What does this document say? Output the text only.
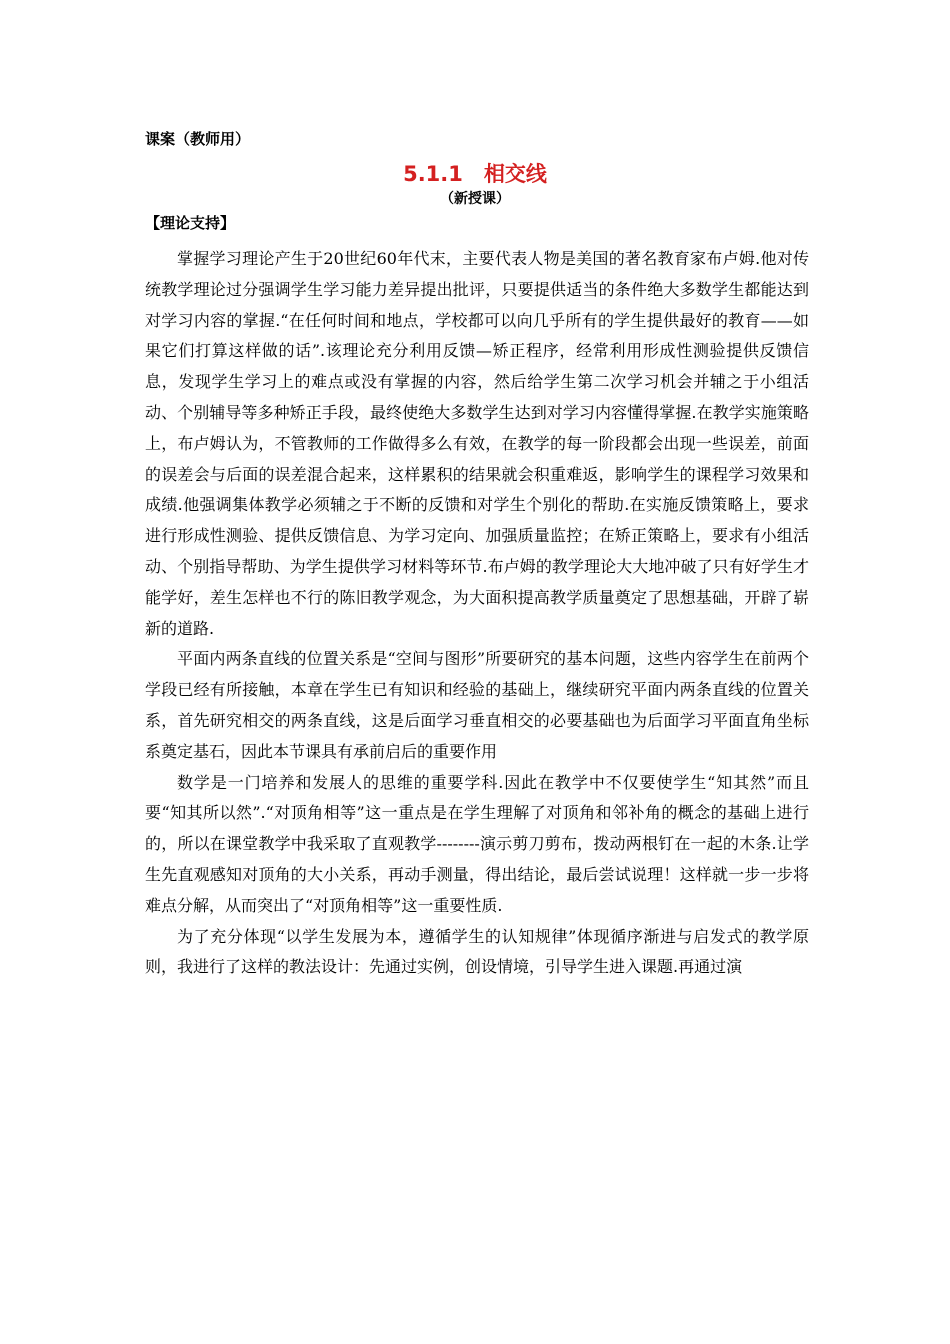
课案（教师用）
5.1.1　相交线
（新授课）
【理论支持】

掌握学习理论产生于20世纪60年代末，主要代表人物是美国的著名教育家布卢姆.他对传统教学理论过分强调学生学习能力差异提出批评，只要提供适当的条件绝大多数学生都能达到对学习内容的掌握.“在任何时间和地点，学校都可以向几乎所有的学生提供最好的教育——如果它们打算这样做的话”.该理论充分利用反馈—矫正程序，经常利用形成性测验提供反馈信息，发现学生学习上的难点或没有掌握的内容，然后给学生第二次学习机会并辅之于小组活动、个别辅导等多种矫正手段，最终使绝大多数学生达到对学习内容懂得掌握.在教学实施策略上，布卢姆认为，不管教师的工作做得多么有效，在教学的每一阶段都会出现一些误差，前面的误差会与后面的误差混合起来，这样累积的结果就会积重难返，影响学生的课程学习效果和成绩.他强调集体教学必须辅之于不断的反馈和对学生个别化的帮助.在实施反馈策略上，要求进行形成性测验、提供反馈信息、为学习定向、加强质量监控；在矫正策略上，要求有小组活动、个别指导帮助、为学生提供学习材料等环节.布卢姆的教学理论大大地冲破了只有好学生才能学好，差生怎样也不行的陈旧教学观念，为大面积提高教学质量奠定了思想基础，开辟了崭新的道路.

平面内两条直线的位置关系是“空间与图形”所要研究的基本问题，这些内容学生在前两个学段已经有所接触，本章在学生已有知识和经验的基础上，继续研究平面内两条直线的位置关系，首先研究相交的两条直线，这是后面学习垂直相交的必要基础也为后面学习平面直角坐标系奠定基石，因此本节课具有承前启后的重要作用

数学是一门培养和发展人的思维的重要学科.因此在教学中不仅要使学生“知其然”而且要“知其所以然”.“对顶角相等”这一重点是在学生理解了对顶角和邻补角的概念的基础上进行的，所以在课堂教学中我采取了直观教学--------演示剪刀剪布，拨动两根钉在一起的木条.让学生先直观感知对顶角的大小关系，再动手测量，得出结论，最后尝试说理！这样就一步一步将难点分解，从而突出了“对顶角相等”这一重要性质.

为了充分体现“以学生发展为本，遵循学生的认知规律”体现循序渐进与启发式的教学原则，我进行了这样的教法设计：先通过实例，创设情境，引导学生进入课题.再通过演
